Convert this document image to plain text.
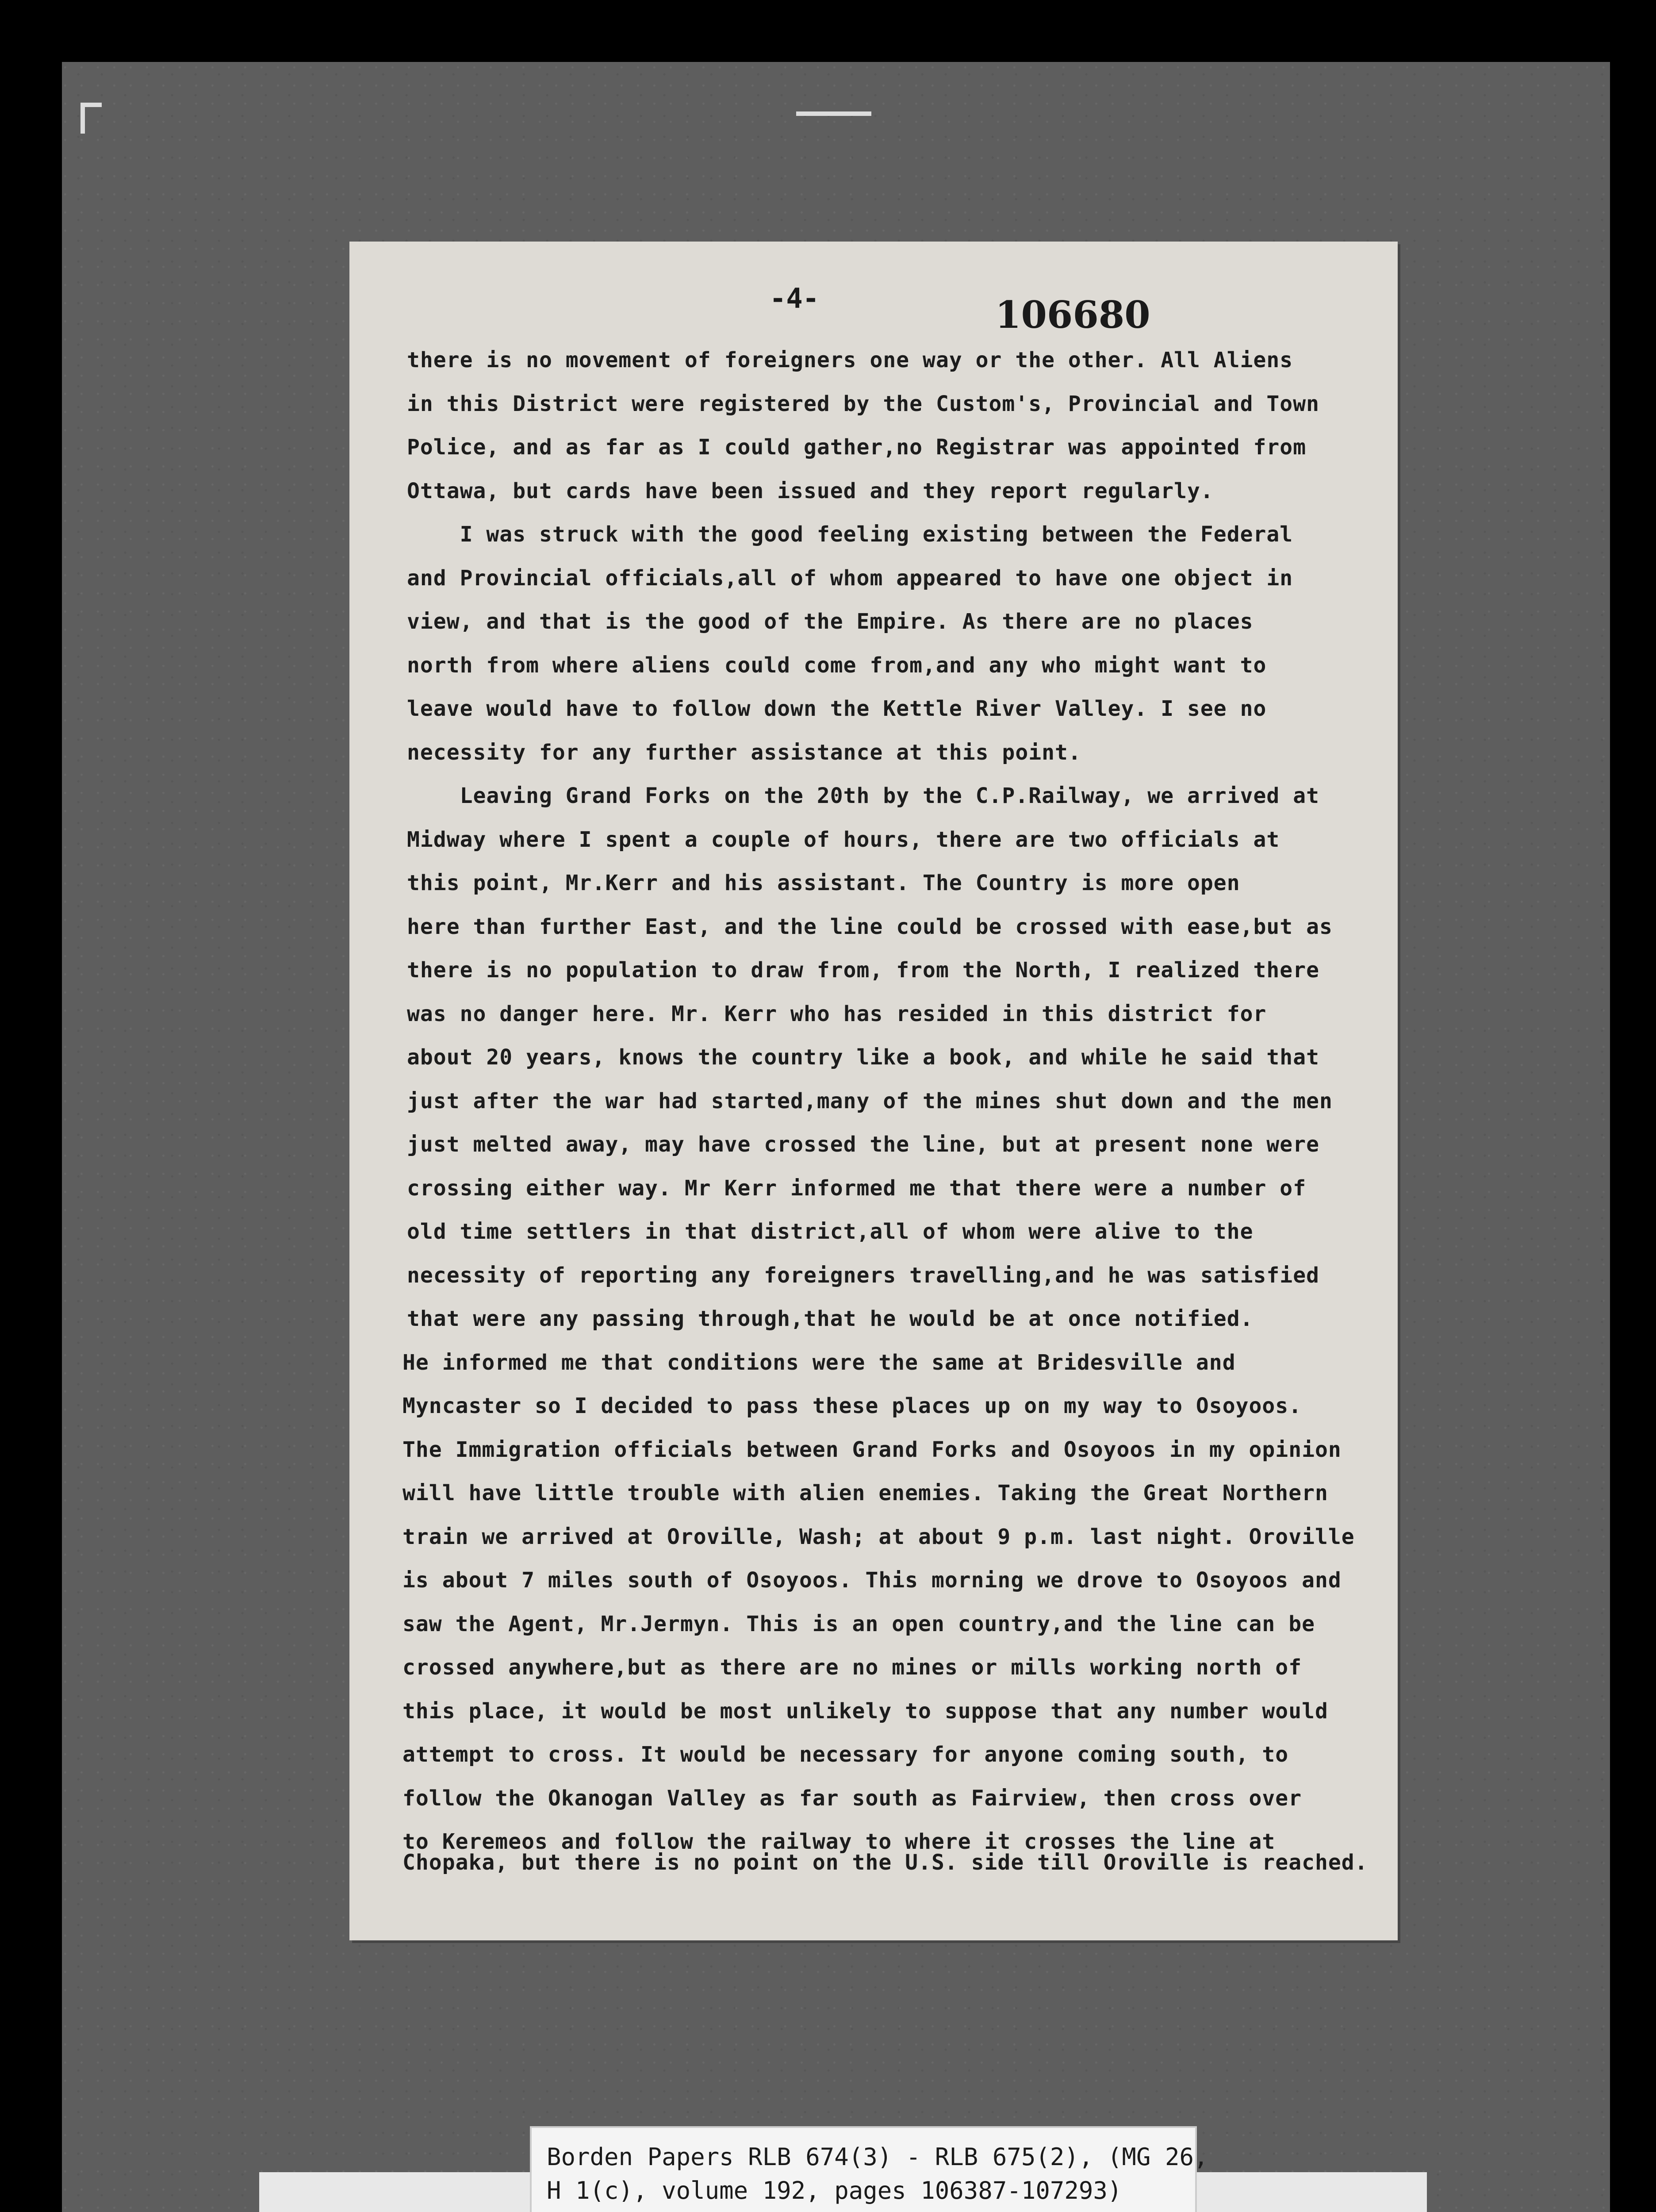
-4-	106680

there is no movement of foreigners one way or the other. All Aliens

in this District were registered by the Custom's, Provincial and Town

Police, and as far as I could gather,no Registrar was appointed from

Ottawa, but cards have been issued and they report regularly.

I was struck with the good feeling existing between the Federal

and Provincial officials,all of whom appeared to have one object in

view, and that is the good of the Empire. As there are no places

north from where aliens could come from,and any who might want to

leave would have to follow down the Kettle River Valley. I see no

necessity for any further assistance at this point.

Leaving Grand Forks on the 20th by the C.P.Railway, we arrived at

Midway where I spent a couple of hours, there are two officials at

this point, Mr.Kerr and his assistant. The Country is more open

here than further East, and the line could be crossed with ease,but as

there is no population to draw from, from the North, I realized there

was no danger here. Mr. Kerr who has resided in this district for

about 20 years, knows the country like a book, and while he said that

just after the war had started,many of the mines shut down and the men

just melted away, may have crossed the line, but at present none were

crossing either way. Mr Kerr informed me that there were a number of

old time settlers in that district,all of whom were alive to the

necessity of reporting any foreigners travelling,and he was satisfied

that were any passing through,that he would be at once notified.

He informed me that conditions were the same at Bridesville and

Myncaster so I decided to pass these places up on my way to Osoyoos.

The Immigration officials between Grand Forks and Osoyoos in my opinion

will have little trouble with alien enemies. Taking the Great Northern

train we arrived at Oroville, Wash; at about 9 p.m. last night. Oroville

is about 7 miles south of Osoyoos. This morning we drove to Osoyoos and

saw the Agent, Mr.Jermyn. This is an open country,and the line can be

crossed anywhere,but as there are no mines or mills working north of

this place, it would be most unlikely to suppose that any number would

attempt to cross. It would be necessary for anyone coming south, to

follow the Okanogan Valley as far south as Fairview, then cross over

to Keremeos and follow the railway to where it crosses the line at

Chopaka, but there is no point on the U.S. side till Oroville is reached.

Borden Papers RLB 674(3) - RLB 675(2), (MG 26,

H 1(c), volume 192, pages 106387-107293)
